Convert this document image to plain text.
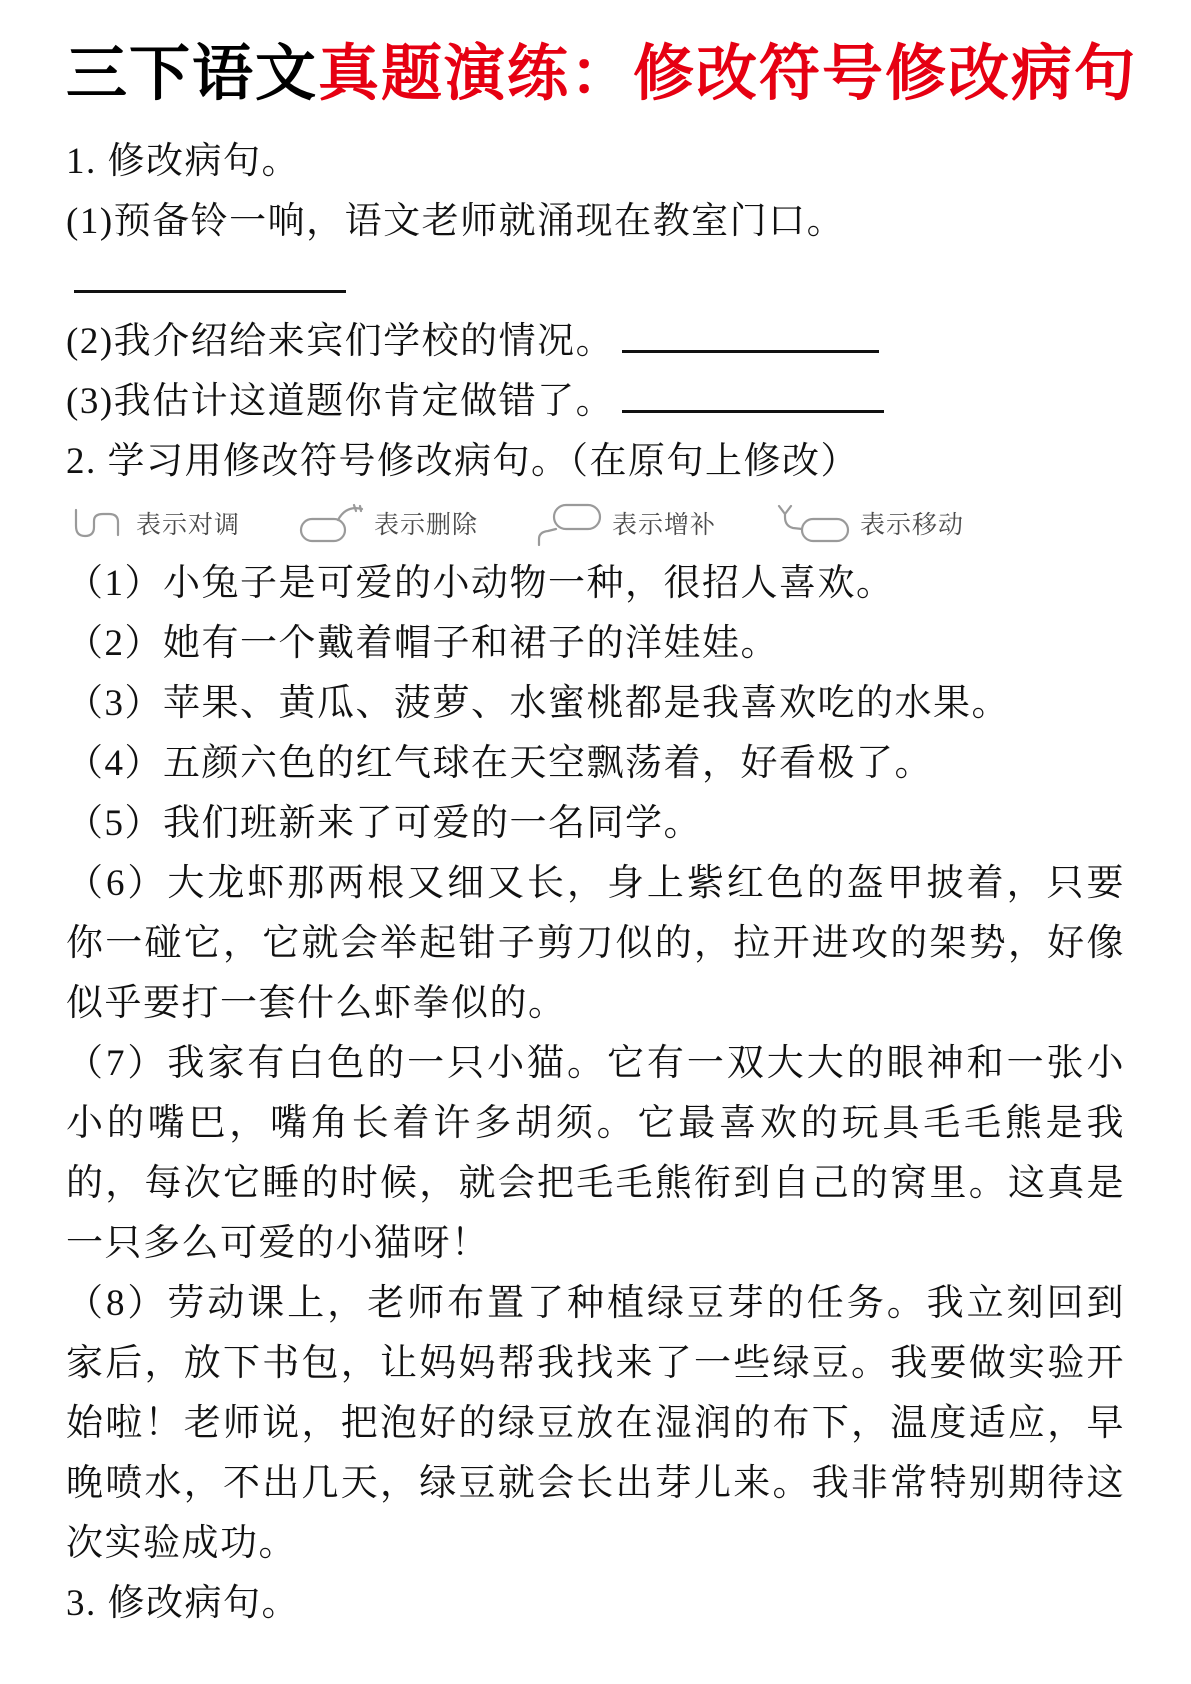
三下语文真题演练：修改符号修改病句

1. 修改病句。

(1)预备铃一响，语文老师就涌现在教室门口。

(2)我介绍给来宾们学校的情况。

(3)我估计这道题你肯定做错了。

2. 学习用修改符号修改病句。（在原句上修改）

表示对调	表示删除	表示增补	表示移动

（1）小兔子是可爱的小动物一种，很招人喜欢。

（2）她有一个戴着帽子和裙子的洋娃娃。

（3）苹果、黄瓜、菠萝、水蜜桃都是我喜欢吃的水果。

（4）五颜六色的红气球在天空飘荡着，好看极了。

（5）我们班新来了可爱的一名同学。

（6）大龙虾那两根又细又长，身上紫红色的盔甲披着，只要你一碰它，它就会举起钳子剪刀似的，拉开进攻的架势，好像似乎要打一套什么虾拳似的。

（7）我家有白色的一只小猫。它有一双大大的眼神和一张小小的嘴巴，嘴角长着许多胡须。它最喜欢的玩具毛毛熊是我的，每次它睡的时候，就会把毛毛熊衔到自己的窝里。这真是一只多么可爱的小猫呀！

（8）劳动课上，老师布置了种植绿豆芽的任务。我立刻回到家后，放下书包，让妈妈帮我找来了一些绿豆。我要做实验开始啦！老师说，把泡好的绿豆放在湿润的布下，温度适应，早晚喷水，不出几天，绿豆就会长出芽儿来。我非常特别期待这次实验成功。

3. 修改病句。
